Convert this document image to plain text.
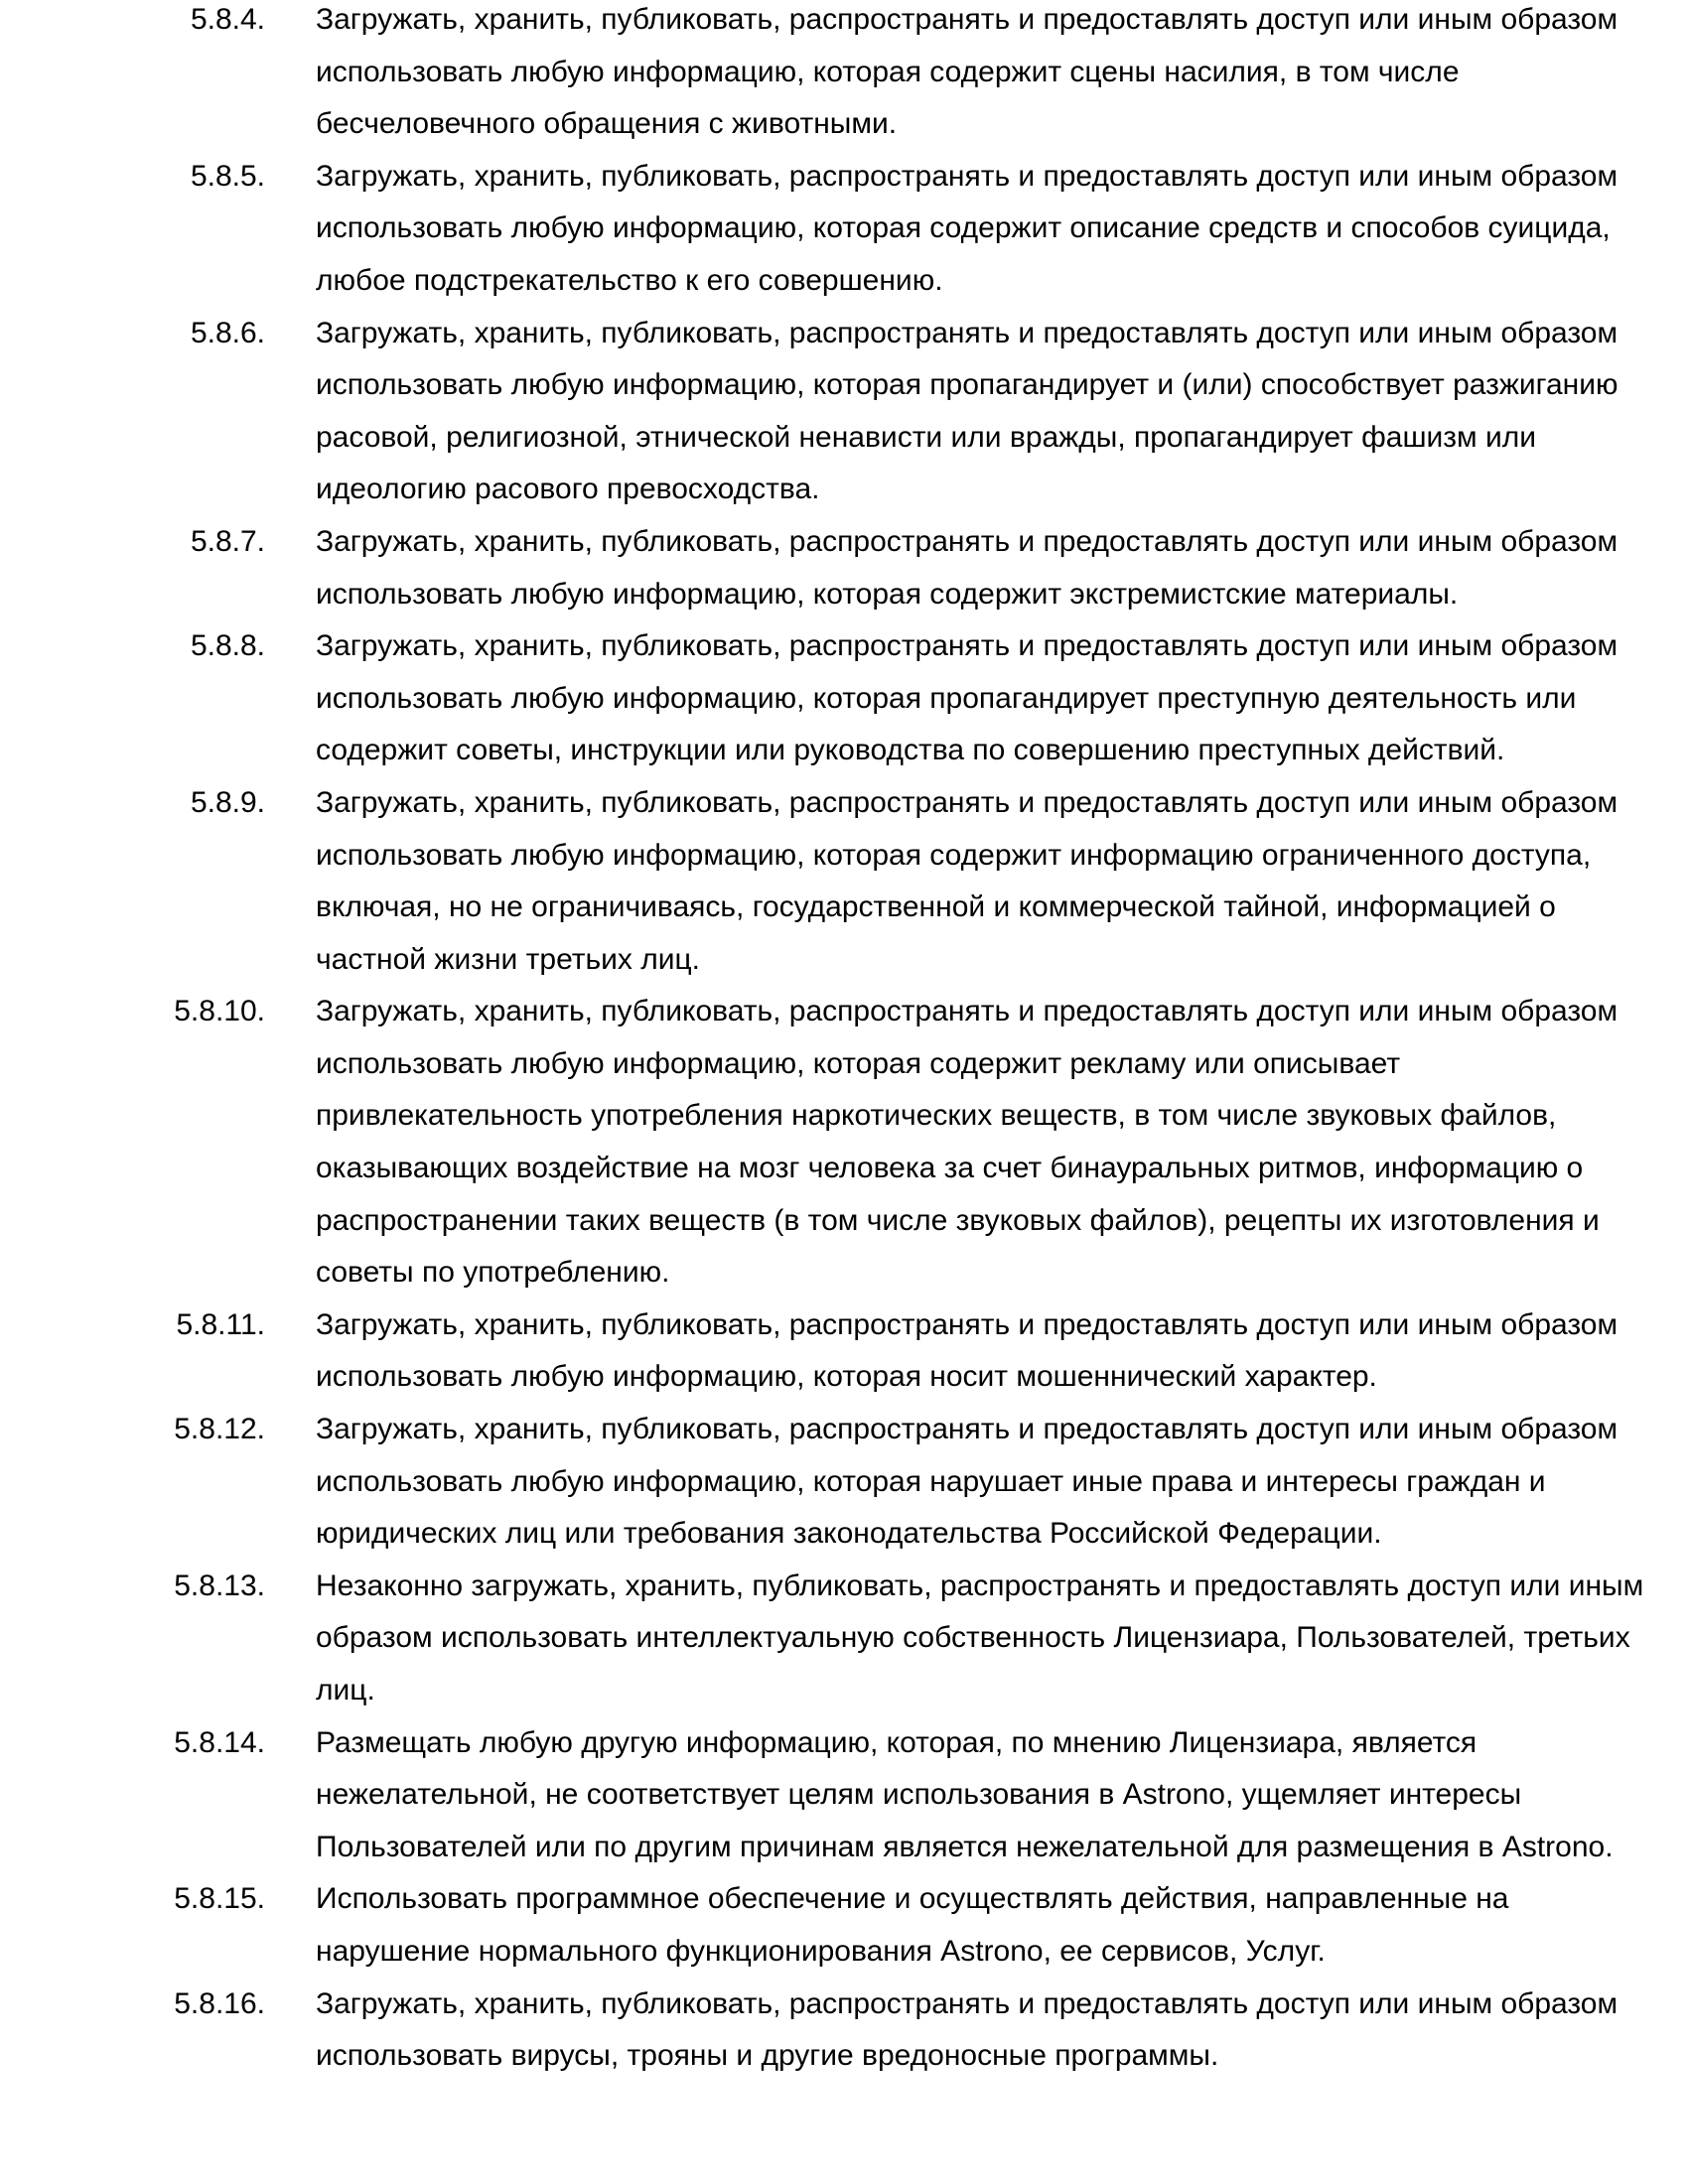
5.8.4. Загружать, хранить, публиковать, распространять и предоставлять доступ или иным образом
использовать любую информацию, которая содержит сцены насилия, в том числе
бесчеловечного обращения с животными.
5.8.5. Загружать, хранить, публиковать, распространять и предоставлять доступ или иным образом
использовать любую информацию, которая содержит описание средств и способов суицида,
любое подстрекательство к его совершению.
5.8.6. Загружать, хранить, публиковать, распространять и предоставлять доступ или иным образом
использовать любую информацию, которая пропагандирует и (или) способствует разжиганию
расовой, религиозной, этнической ненависти или вражды, пропагандирует фашизм или
идеологию расового превосходства.
5.8.7. Загружать, хранить, публиковать, распространять и предоставлять доступ или иным образом
использовать любую информацию, которая содержит экстремистские материалы.
5.8.8. Загружать, хранить, публиковать, распространять и предоставлять доступ или иным образом
использовать любую информацию, которая пропагандирует преступную деятельность или
содержит советы, инструкции или руководства по совершению преступных действий.
5.8.9. Загружать, хранить, публиковать, распространять и предоставлять доступ или иным образом
использовать любую информацию, которая содержит информацию ограниченного доступа,
включая, но не ограничиваясь, государственной и коммерческой тайной, информацией о
частной жизни третьих лиц.
5.8.10. Загружать, хранить, публиковать, распространять и предоставлять доступ или иным образом
использовать любую информацию, которая содержит рекламу или описывает
привлекательность употребления наркотических веществ, в том числе звуковых файлов,
оказывающих воздействие на мозг человека за счет бинауральных ритмов, информацию о
распространении таких веществ (в том числе звуковых файлов), рецепты их изготовления и
советы по употреблению.
5.8.11. Загружать, хранить, публиковать, распространять и предоставлять доступ или иным образом
использовать любую информацию, которая носит мошеннический характер.
5.8.12. Загружать, хранить, публиковать, распространять и предоставлять доступ или иным образом
использовать любую информацию, которая нарушает иные права и интересы граждан и
юридических лиц или требования законодательства Российской Федерации.
5.8.13. Незаконно загружать, хранить, публиковать, распространять и предоставлять доступ или иным
образом использовать интеллектуальную собственность Лицензиара, Пользователей, третьих
лиц.
5.8.14. Размещать любую другую информацию, которая, по мнению Лицензиара, является
нежелательной, не соответствует целям использования в Astrono, ущемляет интересы
Пользователей или по другим причинам является нежелательной для размещения в Astrono.
5.8.15. Использовать программное обеспечение и осуществлять действия, направленные на
нарушение нормального функционирования Astrono, ее сервисов, Услуг.
5.8.16. Загружать, хранить, публиковать, распространять и предоставлять доступ или иным образом
использовать вирусы, трояны и другие вредоносные программы.
